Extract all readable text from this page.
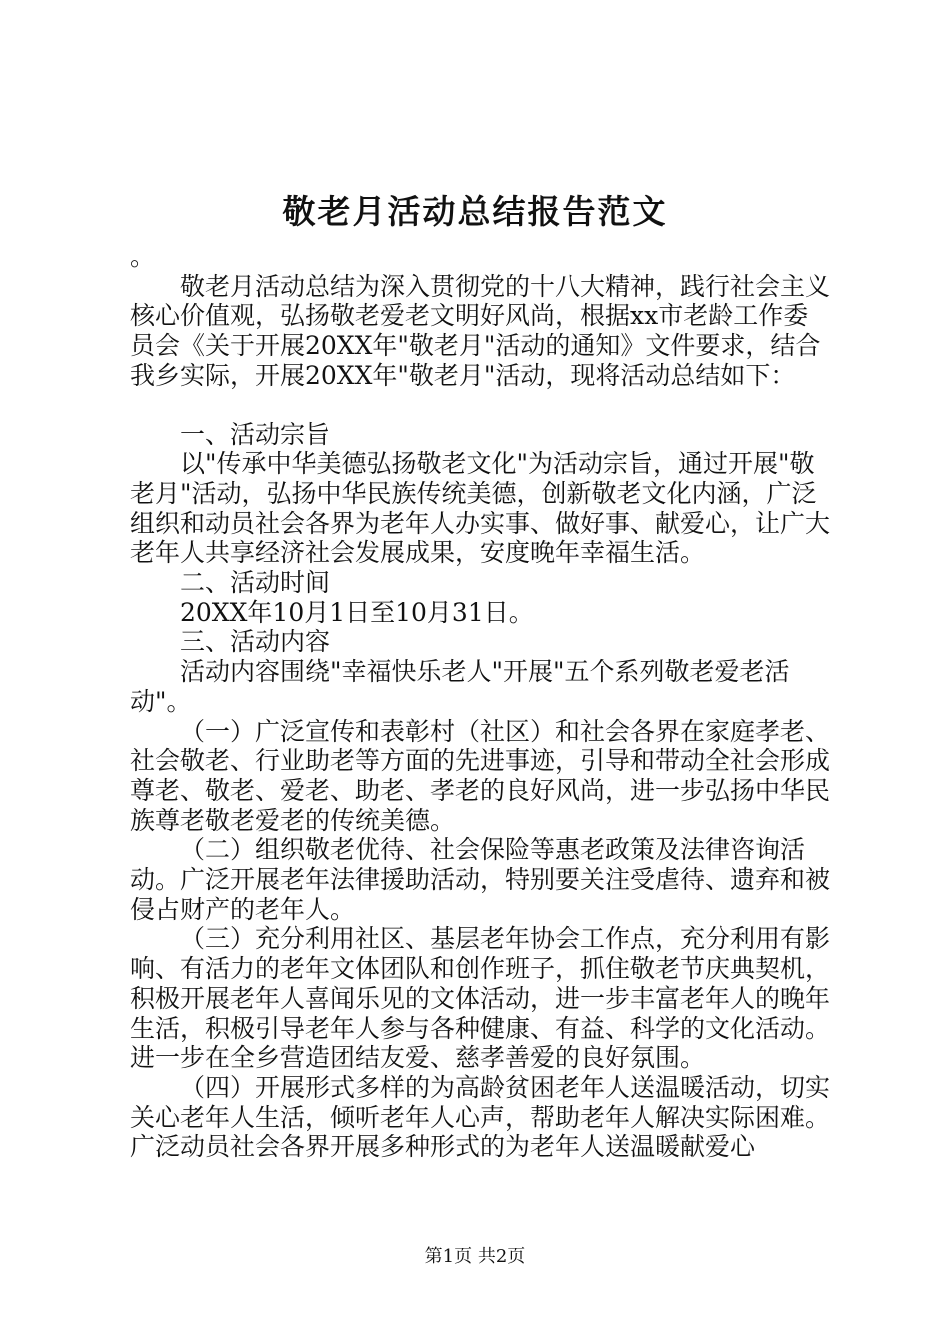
敬老月活动总结报告范文

。

敬老月活动总结为深入贯彻党的十八大精神，践行社会主义核心价值观，弘扬敬老爱老文明好风尚，根据xx市老龄工作委员会《关于开展20XX年"敬老月"活动的通知》文件要求，结合我乡实际，开展20XX年"敬老月"活动，现将活动总结如下：

一、活动宗旨

以"传承中华美德弘扬敬老文化"为活动宗旨，通过开展"敬老月"活动，弘扬中华民族传统美德，创新敬老文化内涵，广泛组织和动员社会各界为老年人办实事、做好事、献爱心，让广大老年人共享经济社会发展成果，安度晚年幸福生活。

二、活动时间

20XX年10月1日至10月31日。

三、活动内容

活动内容围绕"幸福快乐老人"开展"五个系列敬老爱老活动"。

（一）广泛宣传和表彰村（社区）和社会各界在家庭孝老、社会敬老、行业助老等方面的先进事迹，引导和带动全社会形成尊老、敬老、爱老、助老、孝老的良好风尚，进一步弘扬中华民族尊老敬老爱老的传统美德。

（二）组织敬老优待、社会保险等惠老政策及法律咨询活动。广泛开展老年法律援助活动，特别要关注受虐待、遗弃和被侵占财产的老年人。

（三）充分利用社区、基层老年协会工作点，充分利用有影响、有活力的老年文体团队和创作班子，抓住敬老节庆典契机，积极开展老年人喜闻乐见的文体活动，进一步丰富老年人的晚年生活，积极引导老年人参与各种健康、有益、科学的文化活动。进一步在全乡营造团结友爱、慈孝善爱的良好氛围。

（四）开展形式多样的为高龄贫困老年人送温暖活动，切实关心老年人生活，倾听老年人心声，帮助老年人解决实际困难。广泛动员社会各界开展多种形式的为老年人送温暖献爱心

第1页 共2页
